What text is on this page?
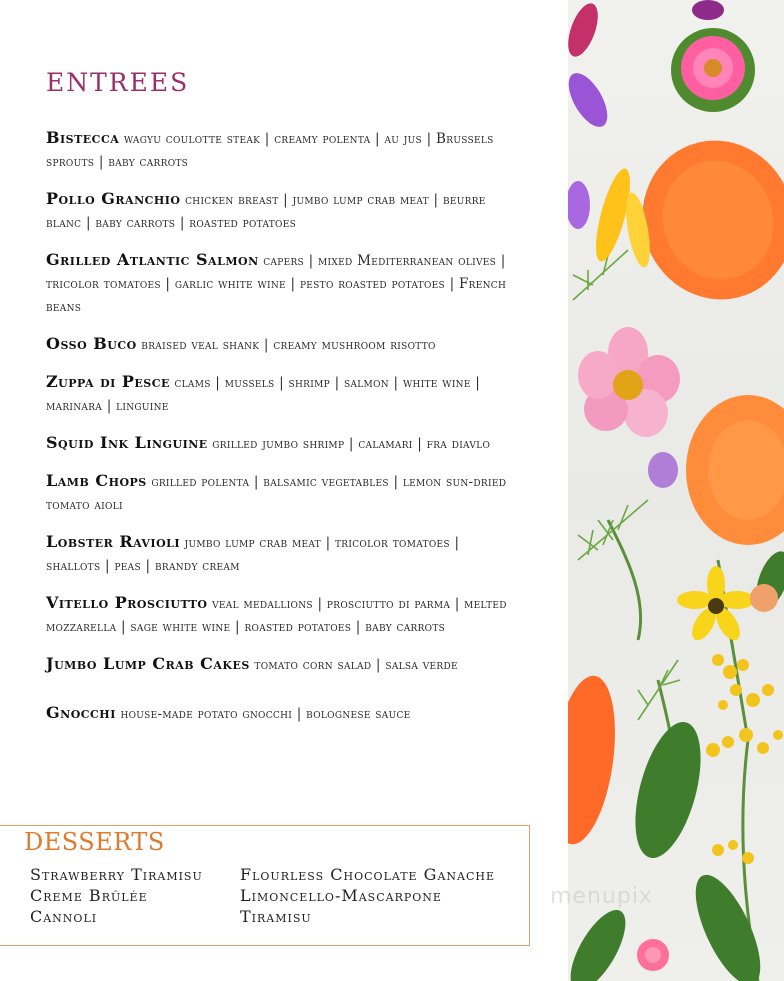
ENTREES
Bistecca wagyu coulotte steak | creamy polenta | au jus | Brussels sprouts | baby carrots
Pollo Granchio chicken breast | jumbo lump crab meat | beurre blanc | baby carrots | roasted potatoes
Grilled Atlantic Salmon capers | mixed Mediterranean olives | tricolor tomatoes | garlic white wine | pesto roasted potatoes | French beans
Osso Buco braised veal shank | creamy mushroom risotto
Zuppa di Pesce clams | mussels | shrimp | salmon | white wine | marinara | linguine
Squid Ink Linguine grilled jumbo shrimp | calamari | fra diavlo
Lamb Chops grilled polenta | balsamic vegetables | lemon sun-dried tomato aioli
Lobster Ravioli jumbo lump crab meat | tricolor tomatoes | shallots | peas | brandy cream
Vitello Prosciutto veal medallions | prosciutto di parma | melted mozzarella | sage white wine | roasted potatoes | baby carrots
Jumbo Lump Crab Cakes tomato corn salad | salsa verde
Gnocchi house-made potato gnocchi | bolognese sauce
DESSERTS
Strawberry Tiramisu
Creme Brûlée
Cannoli
Flourless Chocolate Ganache
Limoncello-Mascarpone
Tiramisu
menupix
